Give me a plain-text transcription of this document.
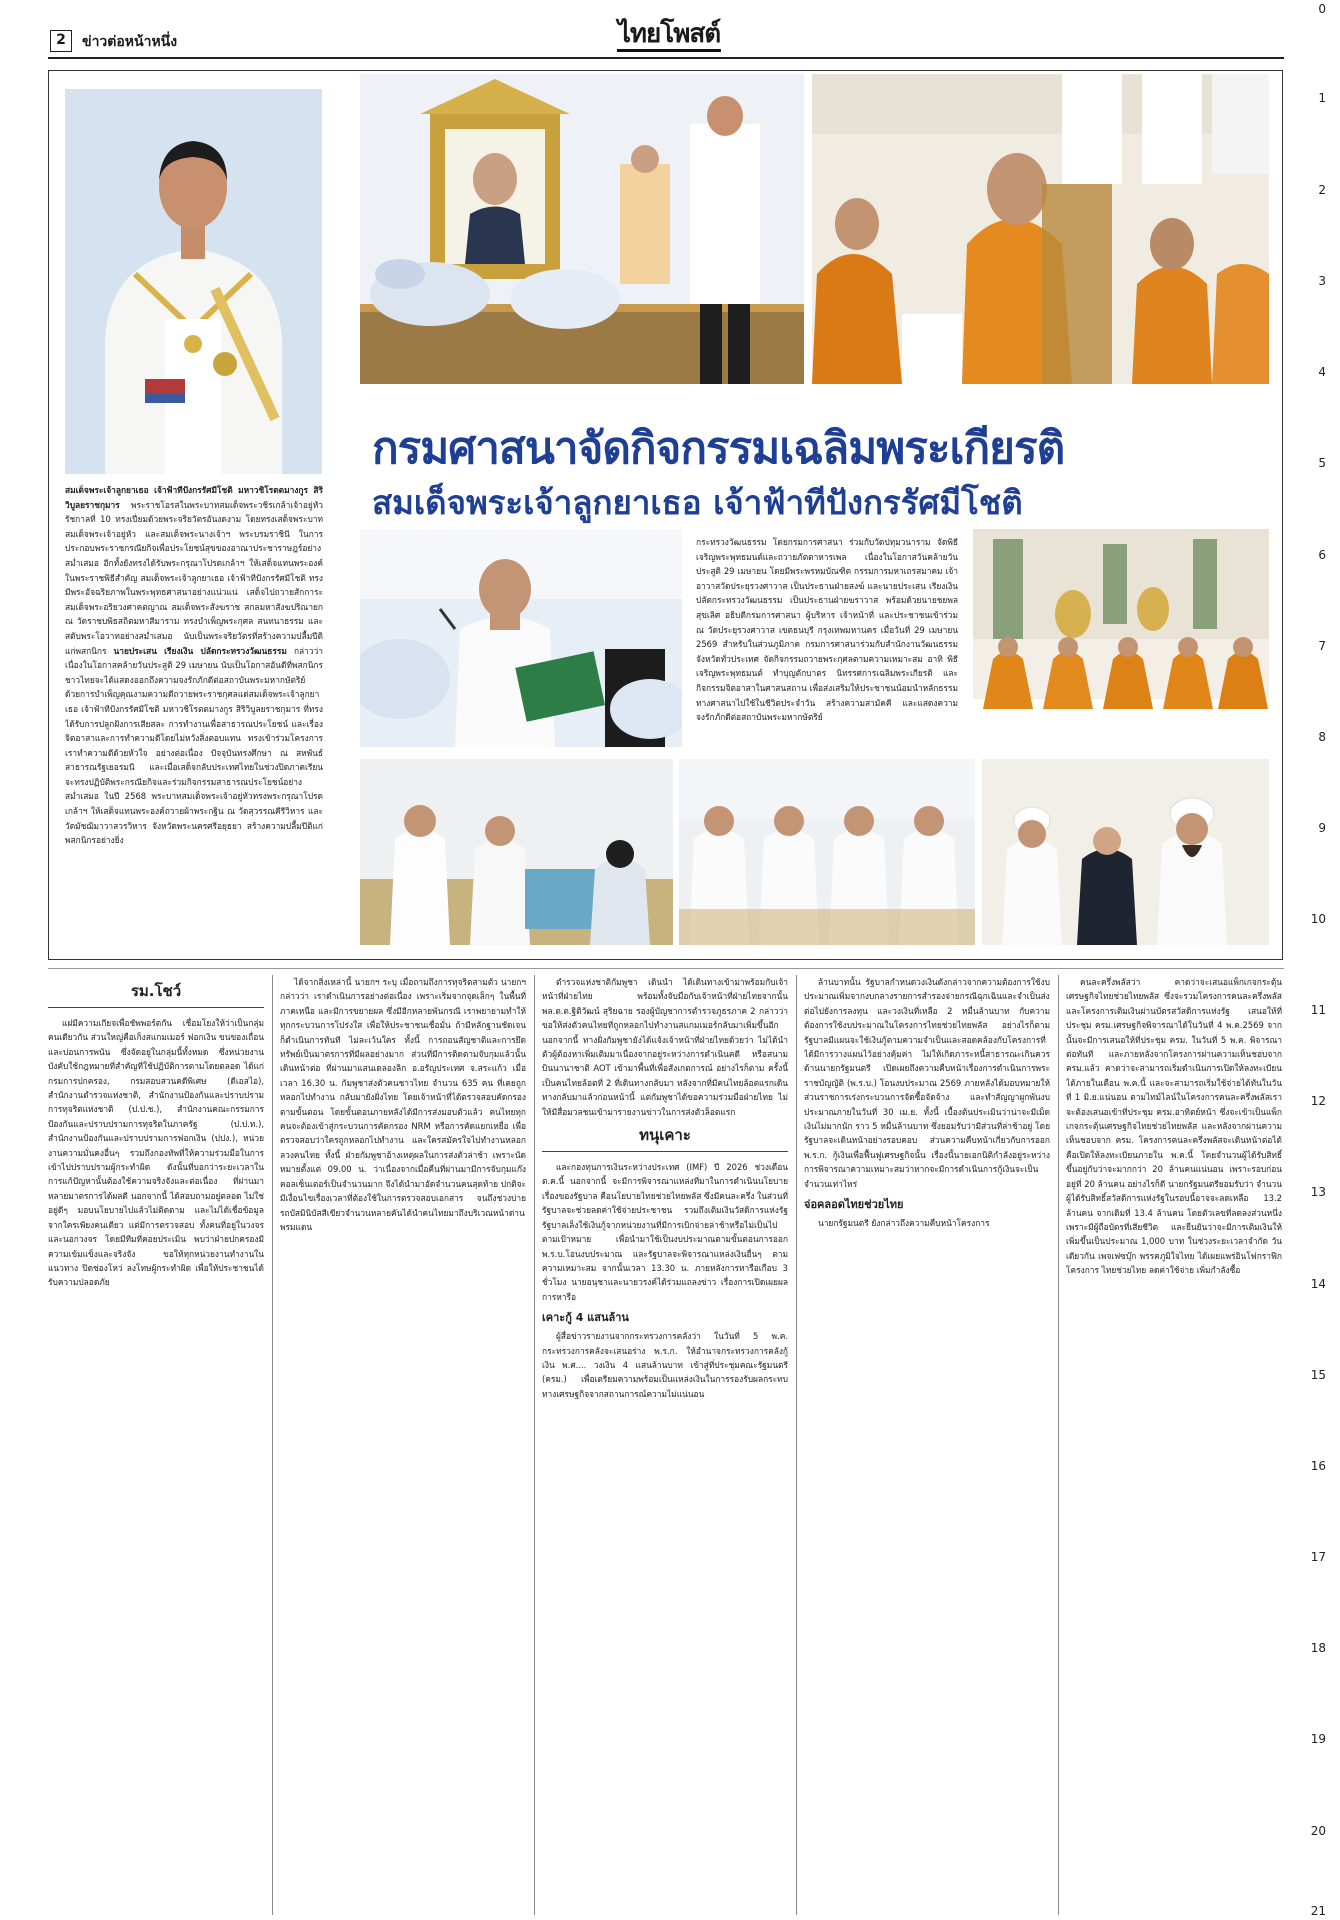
2	ข่าวต่อหน้าหนึ่ง	ไทยโพสต์
0
1
2
3
4
5
6
7
8
9
10
11
12
13
14
15
16
17
18
19
20
21
กรมศาสนาจัดกิจกรรมเฉลิมพระเกียรติ
สมเด็จพระเจ้าลูกยาเธอ เจ้าฟ้าทีปังกรรัศมีโชติ
สมเด็จพระเจ้าลูกยาเธอ เจ้าฟ้าทีปังกรรัศมีโชติ มหาวชิโรตตมางกูร สิริวิบูลยราชกุมาร พระราชโอรสในพระบาทสมเด็จพระวชิรเกล้าเจ้าอยู่หัว รัชกาลที่ 10 ทรงเปี่ยมด้วยพระจริยวัตรอันงดงาม โดยทรงเสด็จพระบาทสมเด็จพระเจ้าอยู่หัว และสมเด็จพระนางเจ้าฯ พระบรมราชินี ในการประกอบพระราชกรณียกิจเพื่อประโยชน์สุขของอาณาประชาราษฎร์อย่างสม่ำเสมอ อีกทั้งยังทรงได้รับพระกรุณาโปรดเกล้าฯ ให้เสด็จแทนพระองค์ในพระราชพิธีสำคัญ สมเด็จพระเจ้าลูกยาเธอ เจ้าฟ้าทีปังกรรัศมีโชติ ทรงมีพระอัจฉริยภาพในพระพุทธศาสนาอย่างแน่วแน่ เสด็จไปถวายสักการะสมเด็จพระอริยวงศาคตญาณ สมเด็จพระสังฆราช สกลมหาสังฆปริณายก ณ วัดราชบพิธสถิตมหาสีมาราม ทรงบำเพ็ญพระกุศล สนทนาธรรม และสดับพระโอวาทอย่างสม่ำเสมอ นับเป็นพระจริยวัตรที่สร้างความปลื้มปีติแก่พสกนิกร นายประเสน เรียงเงิน ปลัดกระทรวงวัฒนธรรม กล่าวว่า เนื่องในโอกาสคล้ายวันประสูติ 29 เมษายน นับเป็นโอกาสอันดีที่พสกนิกรชาวไทยจะได้แสดงออกถึงความจงรักภักดีต่อสถาบันพระมหากษัตริย์ ด้วยการบำเพ็ญคุณงามความดีถวายพระราชกุศลแด่สมเด็จพระเจ้าลูกยาเธอ เจ้าฟ้าทีปังกรรัศมีโชติ มหาวชิโรตตมางกูร สิริวิบูลยราชกุมาร ที่ทรงได้รับการปลูกฝังการเสียสละ การทำงานเพื่อสาธารณประโยชน์ และเรื่องจิตอาสาและการทำความดีโดยไม่หวังสิ่งตอบแทน ทรงเข้าร่วมโครงการ เราทำความดีด้วยหัวใจ อย่างต่อเนื่อง ปัจจุบันทรงศึกษา ณ สหพันธ์สาธารณรัฐเยอรมนี และเมื่อเสด็จกลับประเทศไทยในช่วงปิดภาคเรียน จะทรงปฏิบัติพระกรณียกิจและร่วมกิจกรรมสาธารณประโยชน์อย่างสม่ำเสมอ ในปี 2568 พระบาทสมเด็จพระเจ้าอยู่หัวทรงพระกรุณาโปรดเกล้าฯ ให้เสด็จแทนพระองค์ถวายผ้าพระกฐิน ณ วัดสุวรรณคีรีวิหาร และวัดมัชฌิมาวาสวรวิหาร จังหวัดพระนครศรีอยุธยา สร้างความปลื้มปีติแก่พสกนิกรอย่างยิ่ง
กระทรวงวัฒนธรรม โดยกรมการศาสนา ร่วมกับวัดปทุมวนาราม จัดพิธีเจริญพระพุทธมนต์และถวายภัตตาหารเพล เนื่องในโอกาสวันคล้ายวันประสูติ 29 เมษายน โดยมีพระพรหมบัณฑิต กรรมการมหาเถรสมาคม เจ้าอาวาสวัดประยุรวงศาวาส เป็นประธานฝ่ายสงฆ์ และนายประเสน เรียงเงิน ปลัดกระทรวงวัฒนธรรม เป็นประธานฝ่ายฆราวาส พร้อมด้วยนายชยพล สุขเลิศ อธิบดีกรมการศาสนา ผู้บริหาร เจ้าหน้าที่ และประชาชนเข้าร่วม ณ วัดประยุรวงศาวาส เขตธนบุรี กรุงเทพมหานคร เมื่อวันที่ 29 เมษายน 2569 สำหรับในส่วนภูมิภาค กรมการศาสนาร่วมกับสำนักงานวัฒนธรรมจังหวัดทั่วประเทศ จัดกิจกรรมถวายพระกุศลตามความเหมาะสม อาทิ พิธีเจริญพระพุทธมนต์ ทำบุญตักบาตร นิทรรศการเฉลิมพระเกียรติ และกิจกรรมจิตอาสาในศาสนสถาน เพื่อส่งเสริมให้ประชาชนน้อมนำหลักธรรมทางศาสนาไปใช้ในชีวิตประจำวัน สร้างความสามัคคี และแสดงความจงรักภักดีต่อสถาบันพระมหากษัตริย์
รม.โชว์

แฝมีความเกียจเพื่อชัพพอร์ตกัน เชื่อมโยงให้ว่าเป็นกลุ่มคนเดียวกัน ส่วนใหญ่คือเก็งสแกมเมอร์ ฟอกเงิน ขนของเถื่อน และบ่อนการพนัน ซึ่งจัดอยู่ในกลุ่มนี้ทั้งหมด ซึ่งหน่วยงานบังคับใช้กฎหมายที่สำคัญที่ใช้ปฏิบัติการตามโดยตลอด ได้แก่ กรมการปกครอง, กรมสอบสวนคดีพิเศษ (ดีเอสไอ), สำนักงานตำรวจแห่งชาติ, สำนักงานป้องกันและปราบปรามการทุจริตแห่งชาติ (ป.ป.ช.), สำนักงานคณะกรรมการป้องกันและปราบปรามการทุจริตในภาครัฐ (ป.ป.ท.), สำนักงานป้องกันและปราบปรามการฟอกเงิน (ปปง.), หน่วยงานความมั่นคงอื่นๆ รวมถึงกองทัพที่ให้ความร่วมมือในการเข้าไปปราบปรามผู้กระทำผิด ดังนั้นที่บอกว่าระยะเวลาในการแก้ปัญหานั้นต้องใช้ความจริงจังและต่อเนื่อง ที่ผ่านมาหลายมาตรการได้ผลดี นอกจากนี้ ได้สอบถามอยู่ตลอด ไม่ใช่อยู่ดีๆ มอบนโยบายไปแล้วไม่ติดตาม และไม่ได้เชื่อข้อมูลจากใครเพียงคนเดียว แต่มีการตรวจสอบ ทั้งคนที่อยู่ในวงจรและนอกวงจร โดยมีทีมที่คอยประเมิน พบว่าฝ่ายปกครองมีความเข้มแข็งและจริงจัง ขอให้ทุกหน่วยงานทำงานในแนวทาง ปิดช่องโหว่ ลงโทษผู้กระทำผิด เพื่อให้ประชาชนได้รับความปลอดภัย

ได้จากสิ่งเหล่านี้ นายกฯ ระบุ เมื่อถามถึงการทุจริตสามตัว นายกฯ กล่าวว่า เราดำเนินการอย่างต่อเนื่อง เพราะเริ่มจากจุดเล็กๆ ในพื้นที่ภาคเหนือ และมีการขยายผล ซึ่งมีอีกหลายพันกรณี เราพยายามทำให้ทุกกระบวนการโปร่งใส เพื่อให้ประชาชนเชื่อมั่น ถ้ามีหลักฐานชัดเจนก็ดำเนินการทันที ไม่ละเว้นใคร ทั้งนี้ การถอนสัญชาติและการยึดทรัพย์เป็นมาตรการที่มีผลอย่างมาก ส่วนที่มีการติดตามจับกุมแล้วนั้นเดินหน้าต่อ ที่ผ่านมาแสนเดลองลิก อ.อรัญประเทศ จ.สระแก้ว เมื่อเวลา 16.30 น. กัมพูชาส่งตัวคนชาวไทย จำนวน 635 คน ที่เคยถูกหลอกไปทำงาน กลับมายังฝั่งไทย โดยเจ้าหน้าที่ได้ตรวจสอบคัดกรองตามขั้นตอน โดยขั้นตอนภายหลังได้มีการส่งมอบตัวแล้ว คนไทยทุกคนจะต้องเข้าสู่กระบวนการคัดกรอง NRM หรือการคัดแยกเหยื่อ เพื่อตรวจสอบว่าใครถูกหลอกไปทำงาน และใครสมัครใจไปทำงานหลอกลวงคนไทย ทั้งนี้ ฝ่ายกัมพูชาอ้างเหตุผลในการส่งตัวล่าช้า เพราะนัดหมายตั้งแต่ 09.00 น. ว่าเนื่องจากเมื่อคืนที่ผ่านมามีการจับกุมแก๊งคอลเซ็นเตอร์เป็นจำนวนมาก จึงได้นำมาอัดจำนวนคนสุดท้าย ปกติจะมีเงื่อนไขเรื่องเวลาที่ต้องใช้ในการตรวจสอบเอกสาร จนถึงช่วงบ่าย รถบัสมินิบัสสีเขียวจำนวนหลายคันได้นำคนไทยมาถึงบริเวณหน้าด่านพรมแดน

ตำรวจแห่งชาติกัมพูชา เดินนำ ได้เดินทางเข้ามาพร้อมกับเจ้าหน้าที่ฝ่ายไทย พร้อมทั้งจับมือกับเจ้าหน้าที่ฝ่ายไทยจากนั้น พล.ต.ต.ฐิติวัฒน์ สุริยฉาย รองผู้บัญชาการตำรวจภูธรภาค 2 กล่าวว่า ขอให้ส่งตัวคนไทยที่ถูกหลอกไปทำงานสแกมเมอร์กลับมาเพิ่มขึ้นอีก นอกจากนี้ ทางฝั่งกัมพูชายังได้แจ้งเจ้าหน้าที่ฝ่ายไทยด้วยว่า ไม่ได้นำตัวผู้ต้องหาเพิ่มเติมมาเนื่องจากอยู่ระหว่างการดำเนินคดี หรือสนามบินนานาชาติ AOT เข้ามาพื้นที่เพื่อสังเกตการณ์ อย่างไรก็ตาม ครั้งนี้เป็นคนไทยล้อตที่ 2 ที่เดินทางกลับมา หลังจากที่มีคนไทยล้อตแรกเดินทางกลับมาแล้วก่อนหน้านี้ แต่กัมพูชาได้ขอความร่วมมือฝ่ายไทย ไม่ให้มีสื่อมวลชนเข้ามารายงานข่าวในการส่งตัวล็อตแรก

ทนุเคาะ

และกองทุนการเงินระหว่างประเทศ (IMF) ปี 2026 ช่วงเดือน ต.ค.นี้ นอกจากนี้ จะมีการพิจารณาแหล่งที่มาในการดำเนินนโยบายเรื่องของรัฐบาล คือนโยบายไทยช่วยไทยพลัส ซึ่งมีคนละครึ่ง ในส่วนที่รัฐบาลจะช่วยลดค่าใช้จ่ายประชาชน รวมถึงเติมเงินวัสดิการแห่งรัฐ รัฐบาลเล็งใช้เงินกู้จากหน่วยงานที่มีการเบิกจ่ายล่าช้าหรือไม่เป็นไปตามเป้าหมาย เพื่อนำมาใช้เป็นงบประมาณตามขั้นตอนการออก พ.ร.บ.โอนงบประมาณ และรัฐบาลจะพิจารณาแหล่งเงินอื่นๆ ตามความเหมาะสม จากนั้นเวลา 13.30 น. ภายหลังการหารือเกือบ 3 ชั่วโมง นายอนุชาและนายวรงค์ได้ร่วมแถลงข่าว เรื่องการเปิดเผยผลการหารือ

เคาะกู้ 4 แสนล้าน

ผู้สื่อข่าวรายงานจากกระทรวงการคลังว่า ในวันที่ 5 พ.ค. กระทรวงการคลังจะเสนอร่าง พ.ร.ก. ให้อำนาจกระทรวงการคลังกู้เงิน พ.ศ.... วงเงิน 4 แสนล้านบาท เข้าสู่ที่ประชุมคณะรัฐมนตรี (ครม.) เพื่อเตรียมความพร้อมเป็นแหล่งเงินในการรองรับผลกระทบทางเศรษฐกิจจากสถานการณ์ความไม่แน่นอน

ล้านบาทนั้น รัฐบาลกำหนดวงเงินดังกล่าวจากความต้องการใช้งบประมาณเพิ่มจากงบกลางรายการสำรองจ่ายกรณีฉุกเฉินและจำเป็นส่งต่อไปยังการลงทุน และวงเงินที่เหลือ 2 หมื่นล้านบาท กับความต้องการใช้งบประมาณในโครงการไทยช่วยไทยพลัส อย่างไรก็ตาม รัฐบาลมีแผนจะใช้เงินกู้ตามความจำเป็นและสอดคล้องกับโครงการที่ได้มีการวางแผนไว้อย่างคุ้มค่า ไม่ให้เกิดภาระหนี้สาธารณะเกินควร ด้านนายกรัฐมนตรี เปิดเผยถึงความคืบหน้าเรื่องการดำเนินการพระราชบัญญัติ (พ.ร.บ.) โอนงบประมาณ 2569 ภายหลังได้มอบหมายให้ส่วนราชการเร่งกระบวนการจัดซื้อจัดจ้าง และทำสัญญาผูกพันงบประมาณภายในวันที่ 30 เม.ย. ทั้งนี้ เบื้องต้นประเมินว่าน่าจะมีเม็ดเงินไม่มากนัก ราว 5 หมื่นล้านบาท ซึ่งยอมรับว่ามีส่วนที่ล่าช้าอยู่ โดยรัฐบาลจะเดินหน้าอย่างรอบคอบ ส่วนความคืบหน้าเกี่ยวกับการออก พ.ร.ก. กู้เงินเพื่อฟื้นฟูเศรษฐกิจนั้น เรื่องนี้นายเอกนิติกำลังอยู่ระหว่างการพิจารณาความเหมาะสมว่าหากจะมีการดำเนินการกู้เงินจะเป็นจำนวนเท่าไหร่

จ่อคลอดไทยช่วยไทย

นายกรัฐมนตรี ยังกล่าวถึงความคืบหน้าโครงการ

คนละครึ่งพลัสว่า คาดว่าจะเสนอแพ็กเกจกระตุ้นเศรษฐกิจไทยช่วยไทยพลัส ซึ่งจะรวมโครงการคนละครึ่งพลัส และโครงการเติมเงินผ่านบัตรสวัสดิการแห่งรัฐ เสนอให้ที่ประชุม ครม.เศรษฐกิจพิจารณาได้ในวันที่ 4 พ.ค.2569 จากนั้นจะมีการเสนอให้ที่ประชุม ครม. ในวันที่ 5 พ.ค. พิจารณาต่อทันที และภายหลังจากโครงการผ่านความเห็นชอบจาก ครม.แล้ว คาดว่าจะสามารถเริ่มดำเนินการเปิดให้ลงทะเบียนได้ภายในเดือน พ.ค.นี้ และจะสามารถเริ่มใช้จ่ายได้ทันในวันที่ 1 มิ.ย.แน่นอน ตามไทม์ไลน์ในโครงการคนละครึ่งพลัสเราจะต้องเสนอเข้าที่ประชุม ครม.อาทิตย์หน้า ซึ่งจะเข้าเป็นแพ็กเกจกระตุ้นเศรษฐกิจไทยช่วยไทยพลัส และหลังจากผ่านความเห็นชอบจาก ครม. โครงการคนละครึ่งพลัสจะเดินหน้าต่อได้ คือเปิดให้ลงทะเบียนภายใน พ.ค.นี้ โดยจำนวนผู้ได้รับสิทธิ์ขึ้นอยู่กับว่าจะมากกว่า 20 ล้านคนแน่นอน เพราะรอบก่อนอยู่ที่ 20 ล้านคน อย่างไรก็ดี นายกรัฐมนตรียอมรับว่า จำนวนผู้ได้รับสิทธิ์สวัสดิการแห่งรัฐในรอบนี้อาจจะลดเหลือ 13.2 ล้านคน จากเดิมที่ 13.4 ล้านคน โดยตัวเลขที่ลดลงส่วนหนึ่งเพราะมีผู้ถือบัตรที่เสียชีวิต และยืนยันว่าจะมีการเติมเงินให้เพิ่มขึ้นเป็นประมาณ 1,000 บาท ในช่วงระยะเวลาจำกัด วันเดียวกัน เพจเฟซบุ๊ก พรรคภูมิใจไทย ได้เผยแพร่อินโฟกราฟิกโครงการ ไทยช่วยไทย ลดค่าใช้จ่าย เพิ่มกำลังซื้อ
